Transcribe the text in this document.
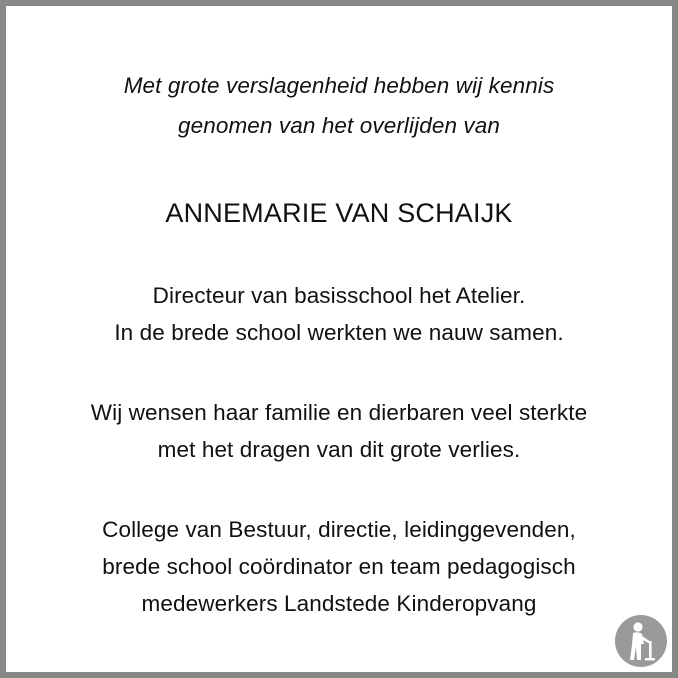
Met grote verslagenheid hebben wij kennis
genomen van het overlijden van
ANNEMARIE VAN SCHAIJK
Directeur van basisschool het Atelier.
In de brede school werkten we nauw samen.
Wij wensen haar familie en dierbaren veel sterkte
met het dragen van dit grote verlies.
College van Bestuur, directie, leidinggevenden,
brede school coördinator en team pedagogisch
medewerkers Landstede Kinderopvang
